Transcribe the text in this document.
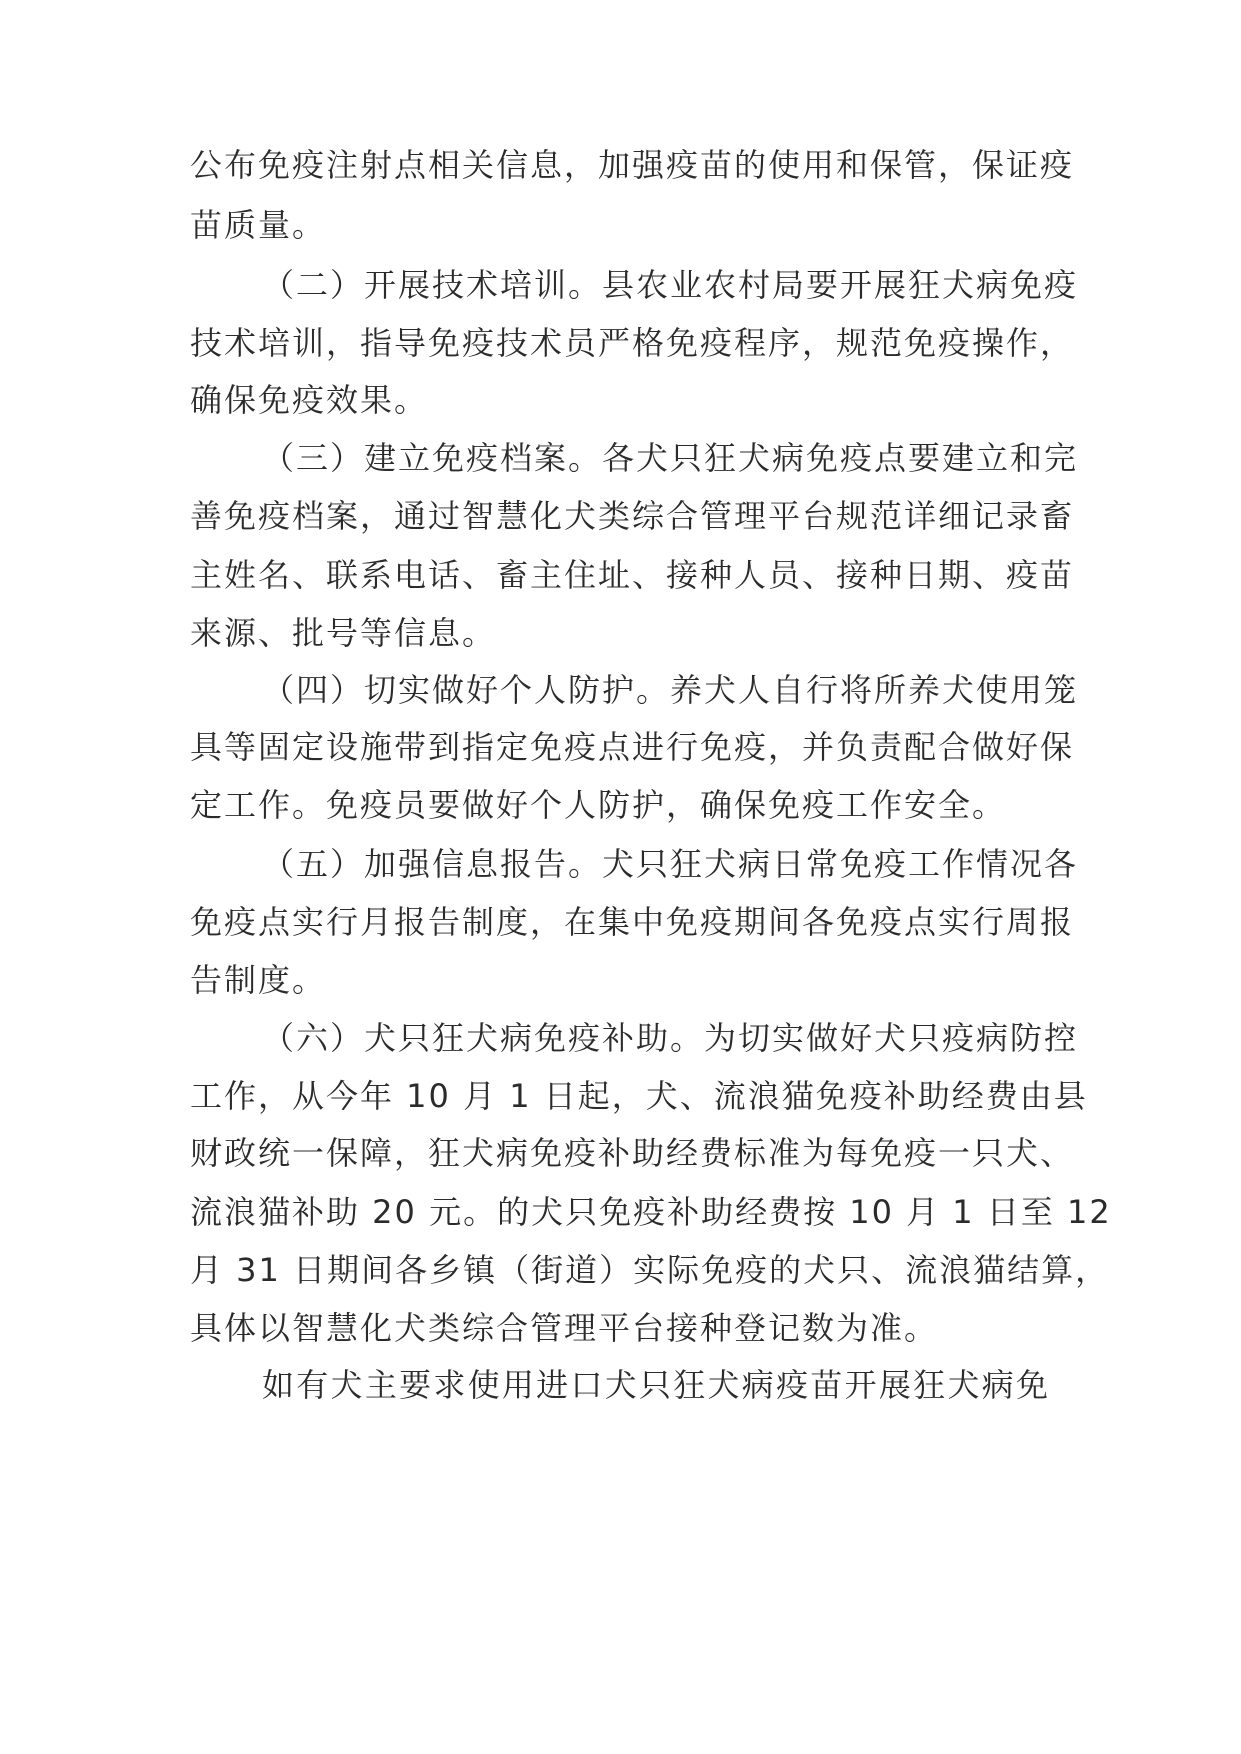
公布免疫注射点相关信息，加强疫苗的使用和保管，保证疫
苗质量。
（二）开展技术培训。县农业农村局要开展狂犬病免疫
技术培训，指导免疫技术员严格免疫程序，规范免疫操作，
确保免疫效果。
（三）建立免疫档案。各犬只狂犬病免疫点要建立和完
善免疫档案，通过智慧化犬类综合管理平台规范详细记录畜
主姓名、联系电话、畜主住址、接种人员、接种日期、疫苗
来源、批号等信息。
（四）切实做好个人防护。养犬人自行将所养犬使用笼
具等固定设施带到指定免疫点进行免疫，并负责配合做好保
定工作。免疫员要做好个人防护，确保免疫工作安全。
（五）加强信息报告。犬只狂犬病日常免疫工作情况各
免疫点实行月报告制度，在集中免疫期间各免疫点实行周报
告制度。
（六）犬只狂犬病免疫补助。为切实做好犬只疫病防控
工作，从今年 10 月 1 日起，犬、流浪猫免疫补助经费由县
财政统一保障，狂犬病免疫补助经费标准为每免疫一只犬、
流浪猫补助 20 元。的犬只免疫补助经费按 10 月 1 日至 12
月 31 日期间各乡镇（街道）实际免疫的犬只、流浪猫结算，
具体以智慧化犬类综合管理平台接种登记数为准。
如有犬主要求使用进口犬只狂犬病疫苗开展狂犬病免
